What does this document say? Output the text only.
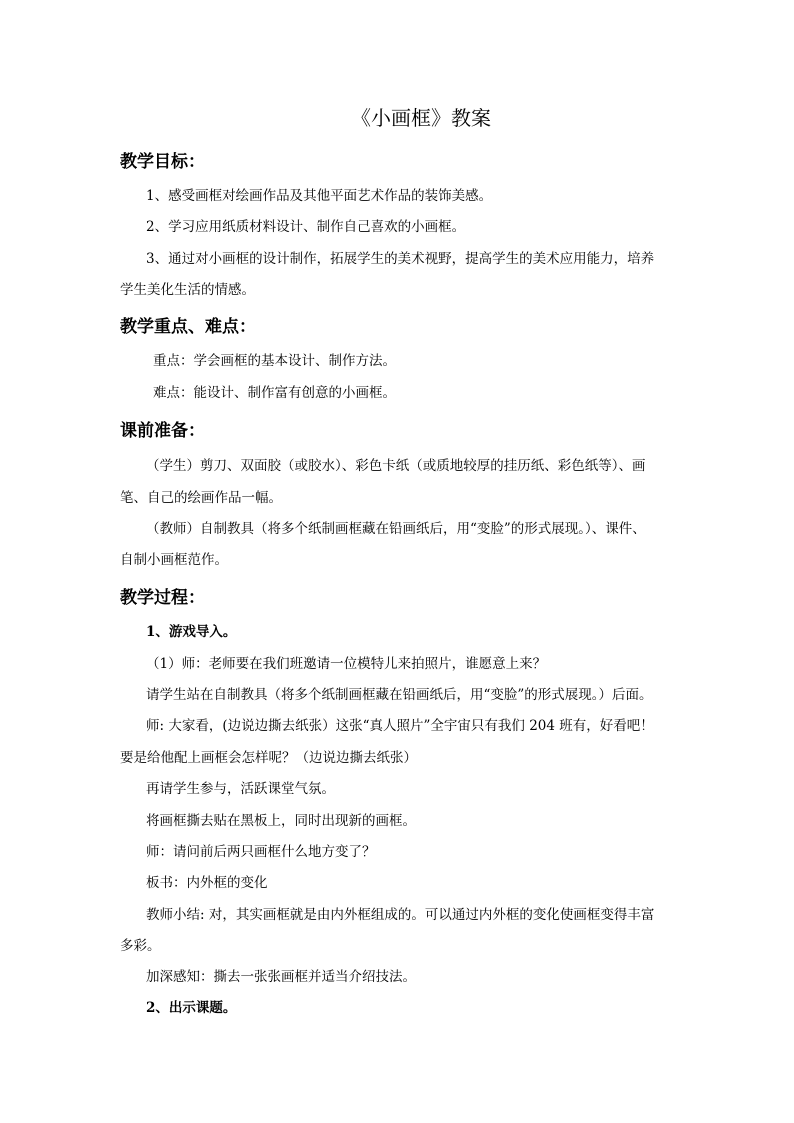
《小画框》教案
教学目标：
1、感受画框对绘画作品及其他平面艺术作品的装饰美感。
2、学习应用纸质材料设计、制作自己喜欢的小画框。
3、通过对小画框的设计制作，拓展学生的美术视野，提高学生的美术应用能力，培养
学生美化生活的情感。
教学重点、难点：
重点：学会画框的基本设计、制作方法。
难点：能设计、制作富有创意的小画框。
课前准备：
（学生）剪刀、双面胶（或胶水）、彩色卡纸（或质地较厚的挂历纸、彩色纸等）、画
笔、自己的绘画作品一幅。
（教师）自制教具（将多个纸制画框藏在铅画纸后，用“变脸”的形式展现。）、课件、
自制小画框范作。
教学过程：
1、游戏导入。
（1）师：老师要在我们班邀请一位模特儿来拍照片，谁愿意上来？
请学生站在自制教具（将多个纸制画框藏在铅画纸后，用“变脸”的形式展现。）后面。
师: 大家看，(边说边撕去纸张）这张“真人照片”全宇宙只有我们 204 班有，好看吧！
要是给他配上画框会怎样呢？（边说边撕去纸张）
再请学生参与，活跃课堂气氛。
将画框撕去贴在黑板上，同时出现新的画框。
师：请问前后两只画框什么地方变了？
板书：内外框的变化
教师小结: 对，其实画框就是由内外框组成的。可以通过内外框的变化使画框变得丰富
多彩。
加深感知：撕去一张张画框并适当介绍技法。
2、出示课题。
